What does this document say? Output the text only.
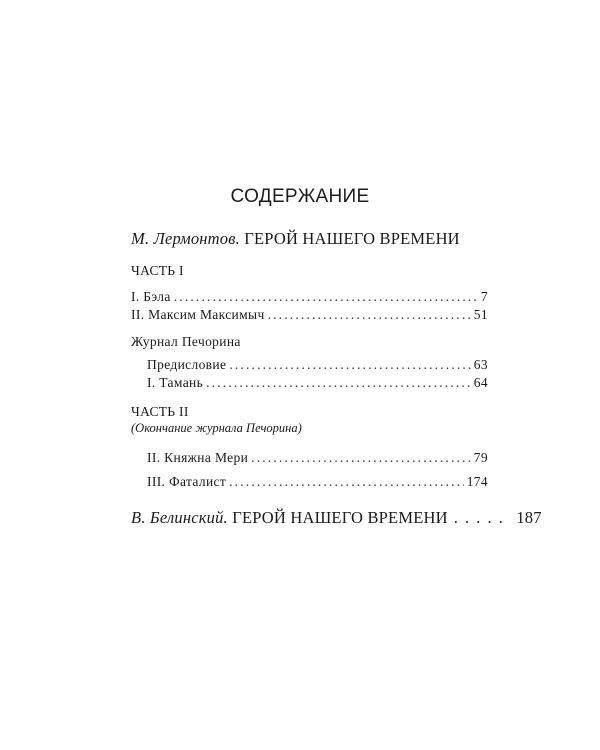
СОДЕРЖАНИЕ
М. Лермонтов. ГЕРОЙ НАШЕГО ВРЕМЕНИ
ЧАСТЬ I
I. Бэла . . .	7
II. Максим Максимыч . . .	51
Журнал Печорина
Предисловие . . .	63
I. Тамань . . .	64
ЧАСТЬ II
(Окончание журнала Печорина)
II. Княжна Мери . . .	79
III. Фаталист . . .	174
В. Белинский. ГЕРОЙ НАШЕГО ВРЕМЕНИ . . . . . 187
